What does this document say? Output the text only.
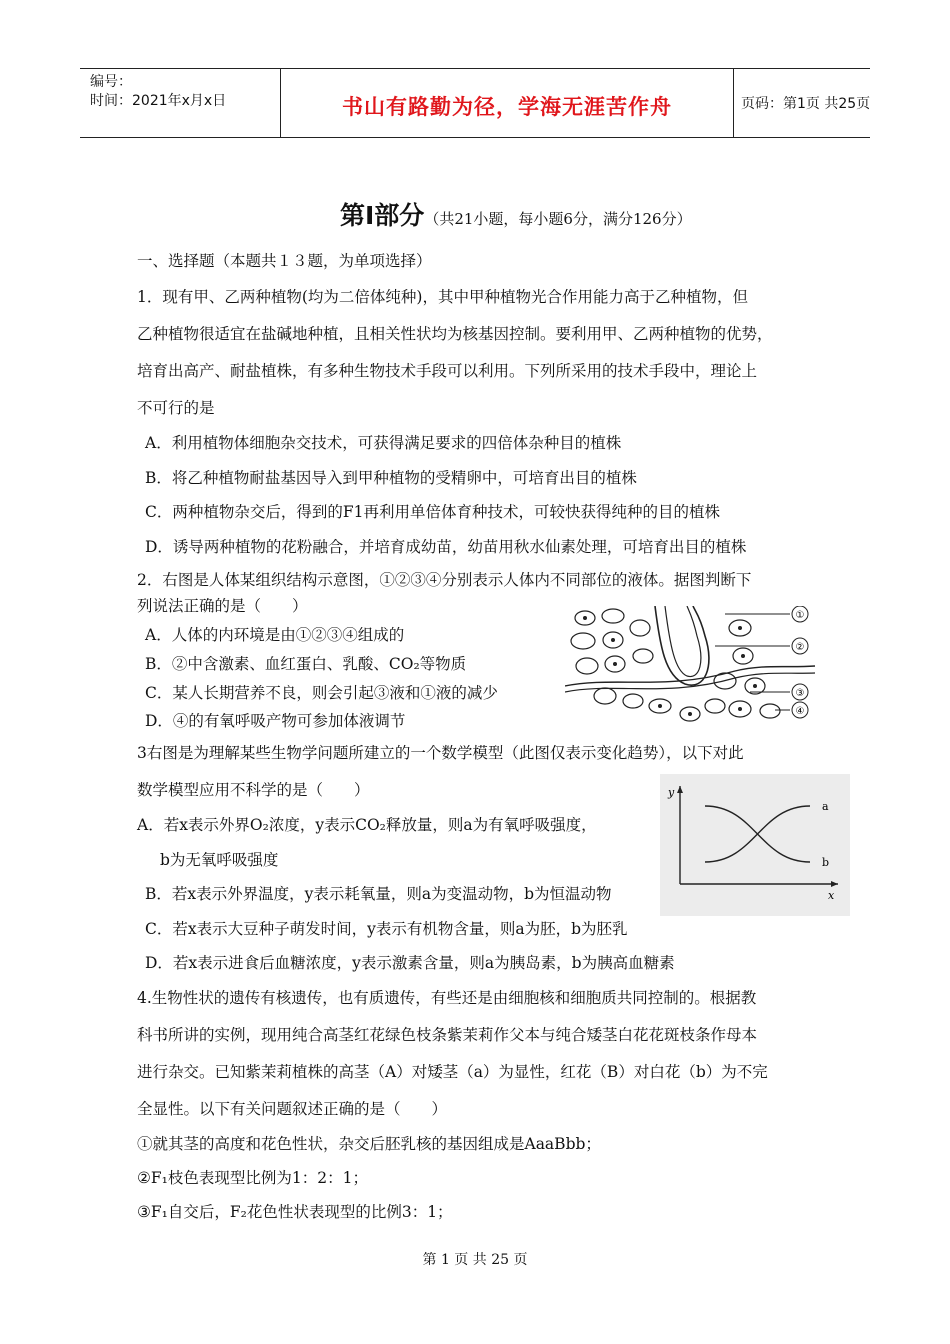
编号：
时间：2021年x月x日	书山有路勤为径，学海无涯苦作舟	页码：第1页 共25页
第Ⅰ部分（共21小题，每小题6分，满分126分）
一、选择题（本题共１３题，为单项选择）
1．现有甲、乙两种植物(均为二倍体纯种)，其中甲种植物光合作用能力高于乙种植物，但
乙种植物很适宜在盐碱地种植，且相关性状均为核基因控制。要利用甲、乙两种植物的优势，
培育出高产、耐盐植株，有多种生物技术手段可以利用。下列所采用的技术手段中，理论上
不可行的是
A．利用植物体细胞杂交技术，可获得满足要求的四倍体杂种目的植株
B．将乙种植物耐盐基因导入到甲种植物的受精卵中，可培育出目的植株
C．两种植物杂交后，得到的F1再利用单倍体育种技术，可较快获得纯种的目的植株
D．诱导两种植物的花粉融合，并培育成幼苗，幼苗用秋水仙素处理，可培育出目的植株
2．右图是人体某组织结构示意图，①②③④分别表示人体内不同部位的液体。据图判断下
列说法正确的是（　　）
A．人体的内环境是由①②③④组成的
B．②中含激素、血红蛋白、乳酸、CO₂等物质
C．某人长期营养不良，则会引起③液和①液的减少
D．④的有氧呼吸产物可参加体液调节
①
②
③
④
3右图是为理解某些生物学问题所建立的一个数学模型（此图仅表示变化趋势），以下对此
数学模型应用不科学的是（　　）
A．若x表示外界O₂浓度，y表示CO₂释放量，则a为有氧呼吸强度，
b为无氧呼吸强度
B．若x表示外界温度，y表示耗氧量，则a为变温动物，b为恒温动物
C．若x表示大豆种子萌发时间，y表示有机物含量，则a为胚，b为胚乳
D．若x表示进食后血糖浓度，y表示激素含量，则a为胰岛素，b为胰高血糖素
y
x
a
b
4.生物性状的遗传有核遗传，也有质遗传，有些还是由细胞核和细胞质共同控制的。根据教
科书所讲的实例，现用纯合高茎红花绿色枝条紫茉莉作父本与纯合矮茎白花花斑枝条作母本
进行杂交。已知紫茉莉植株的高茎（A）对矮茎（a）为显性，红花（B）对白花（b）为不完
全显性。以下有关问题叙述正确的是（　　）
①就其茎的高度和花色性状，杂交后胚乳核的基因组成是AaaBbb；
②F₁枝色表现型比例为1：2：1；
③F₁自交后，F₂花色性状表现型的比例3：1；
第 1 页 共 25 页
